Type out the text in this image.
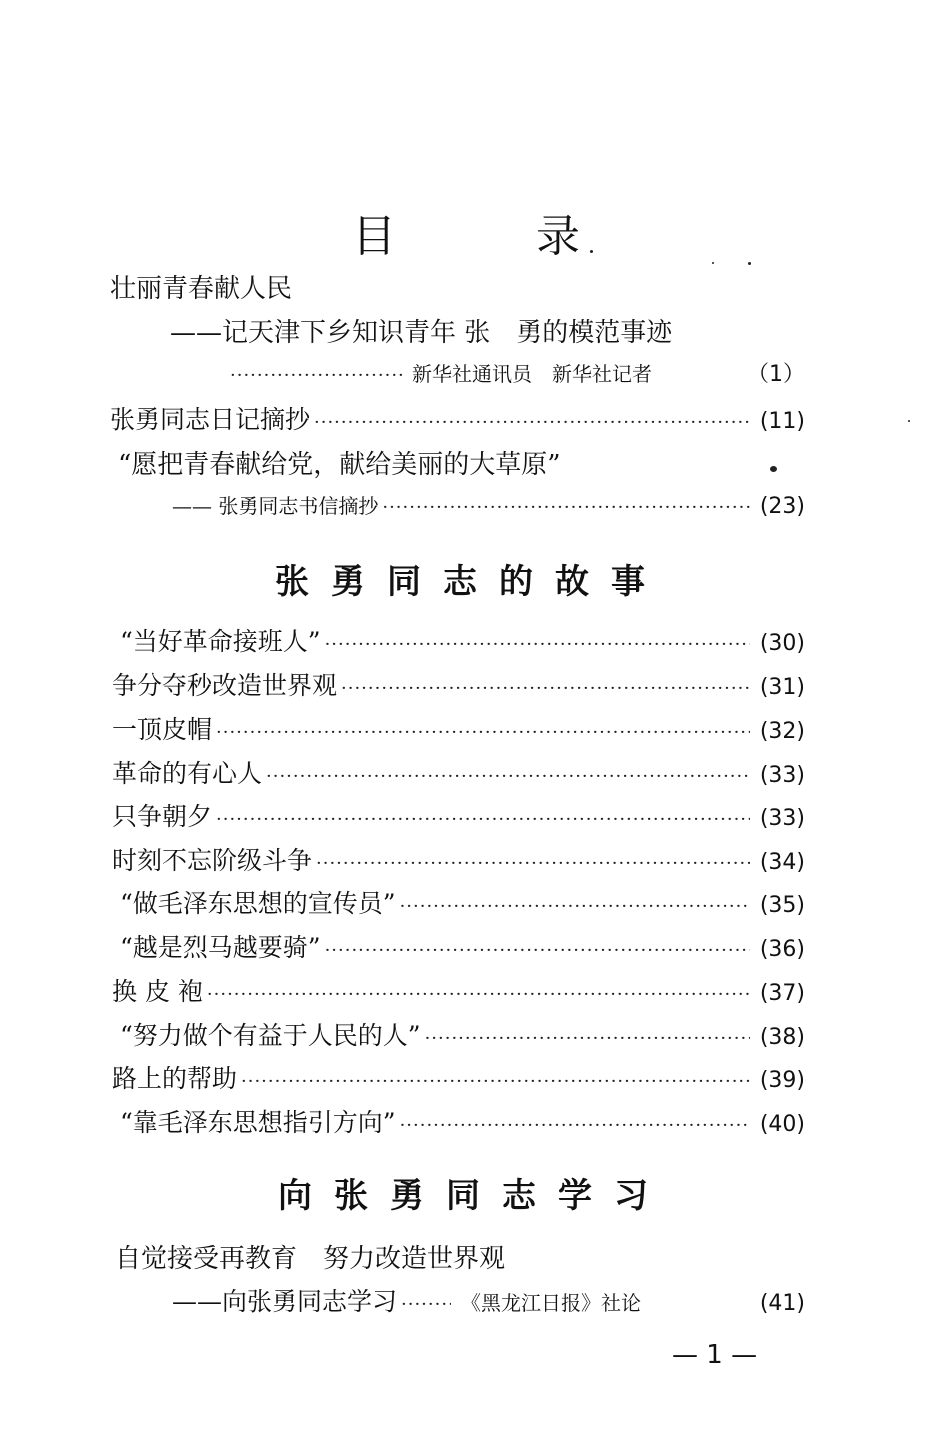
目　　　录
壮丽青春献人民
——记天津下乡知识青年 张　勇的模范事迹
·····
新华社通讯员　新华社记者	（1）
张勇同志日记摘抄 ·····	(11)
“愿把青春献给党，献给美丽的大草原”
—— 张勇同志书信摘抄 ·····	(23)
张勇同志的故事
“当好革命接班人” ·····	(30)
争分夺秒改造世界观 ·····	(31)
一顶皮帽 ·····	(32)
革命的有心人 ·····	(33)
只争朝夕 ·····	(33)
时刻不忘阶级斗争 ·····	(34)
“做毛泽东思想的宣传员” ·····	(35)
“越是烈马越要骑” ·····	(36)
换 皮 袍 ·····	(37)
“努力做个有益于人民的人” ·····	(38)
路上的帮助 ·····	(39)
“靠毛泽东思想指引方向” ·····	(40)
向张勇同志学习
自觉接受再教育　努力改造世界观
——向张勇同志学习 ·····	《黑龙江日报》社论	(41)
— 1 —
